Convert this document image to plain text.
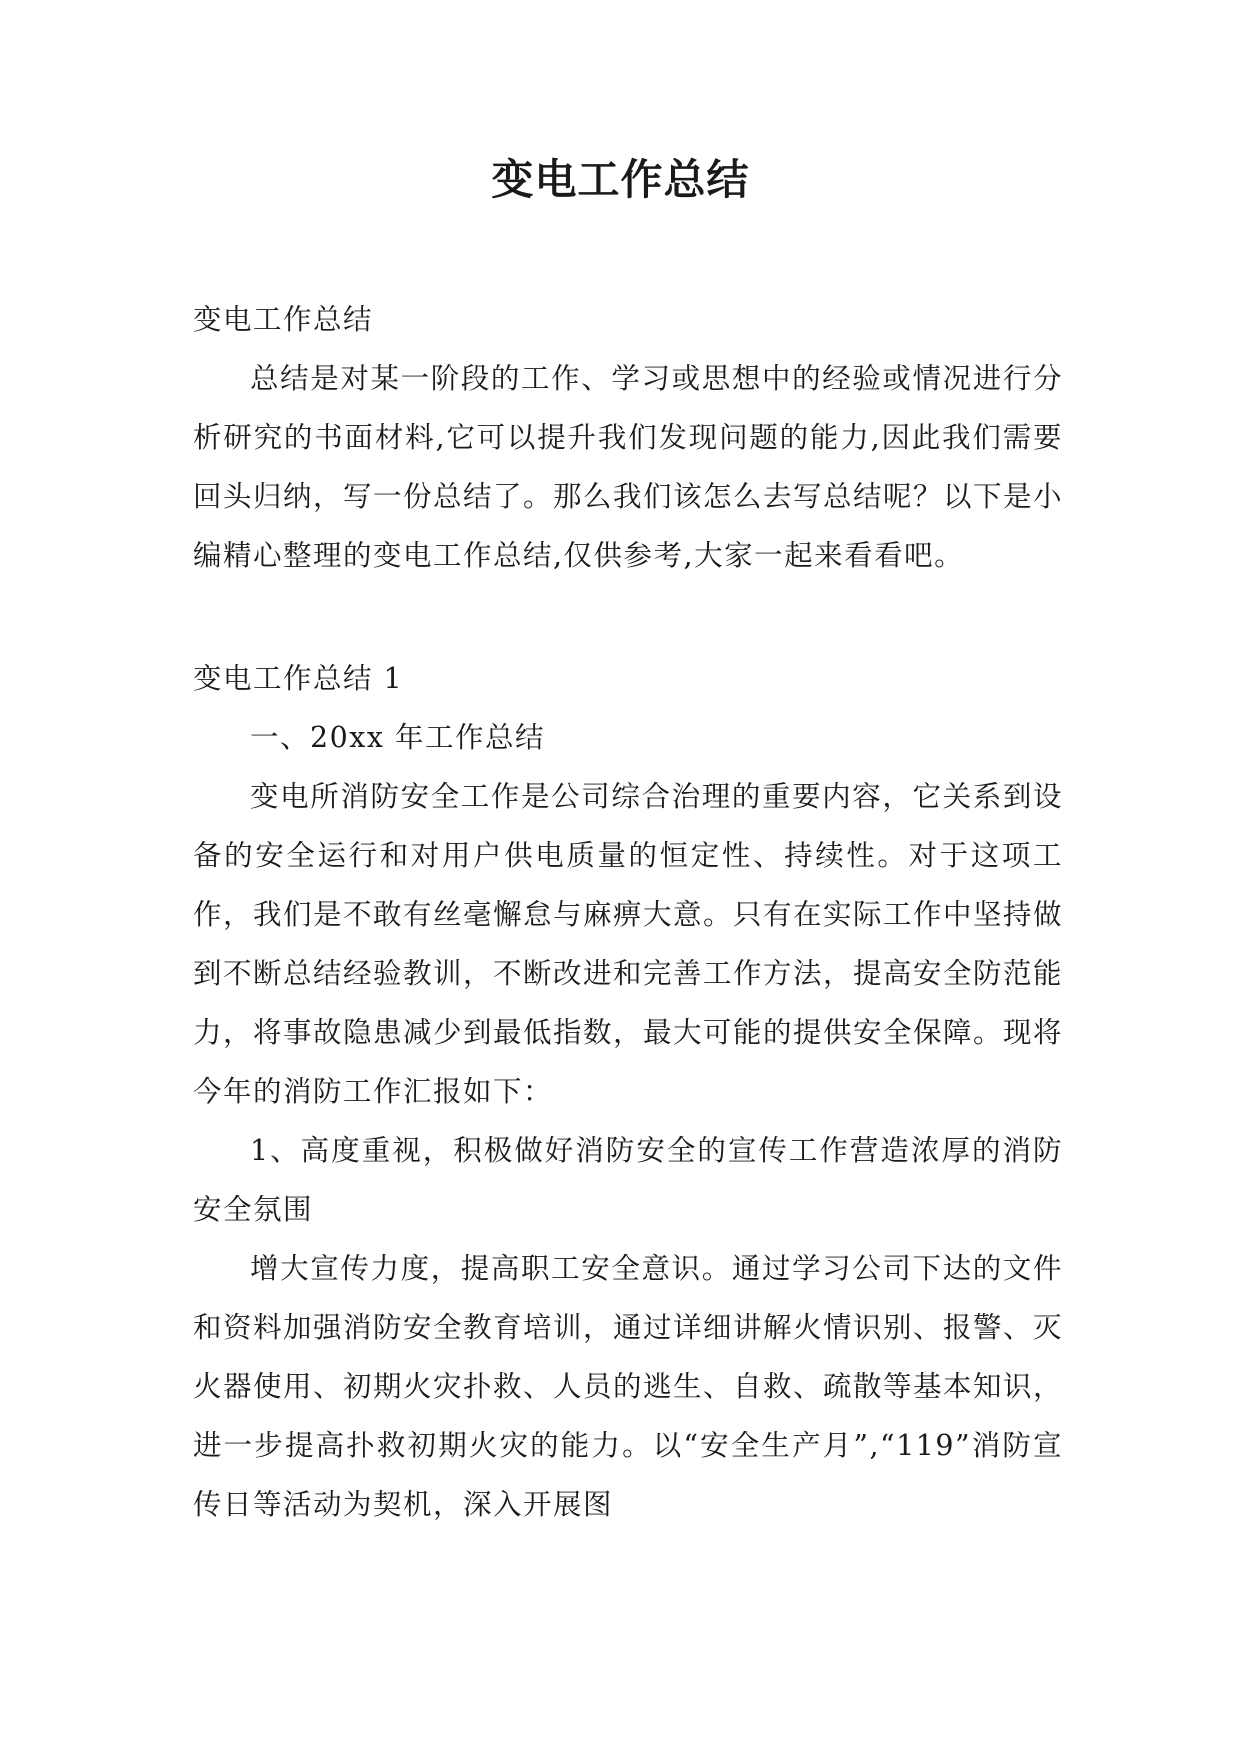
变电工作总结

变电工作总结

总结是对某一阶段的工作、学习或思想中的经验或情况进行分析研究的书面材料,它可以提升我们发现问题的能力,因此我们需要回头归纳，写一份总结了。那么我们该怎么去写总结呢？以下是小编精心整理的变电工作总结,仅供参考,大家一起来看看吧。

变电工作总结 1

一、20xx 年工作总结

变电所消防安全工作是公司综合治理的重要内容，它关系到设备的安全运行和对用户供电质量的恒定性、持续性。对于这项工作，我们是不敢有丝毫懈怠与麻痹大意。只有在实际工作中坚持做到不断总结经验教训，不断改进和完善工作方法，提高安全防范能力，将事故隐患减少到最低指数，最大可能的提供安全保障。现将今年的消防工作汇报如下：

1、高度重视，积极做好消防安全的宣传工作营造浓厚的消防安全氛围

增大宣传力度，提高职工安全意识。通过学习公司下达的文件和资料加强消防安全教育培训，通过详细讲解火情识别、报警、灭火器使用、初期火灾扑救、人员的逃生、自救、疏散等基本知识，进一步提高扑救初期火灾的能力。以“安全生产月”,“119”消防宣传日等活动为契机，深入开展图
